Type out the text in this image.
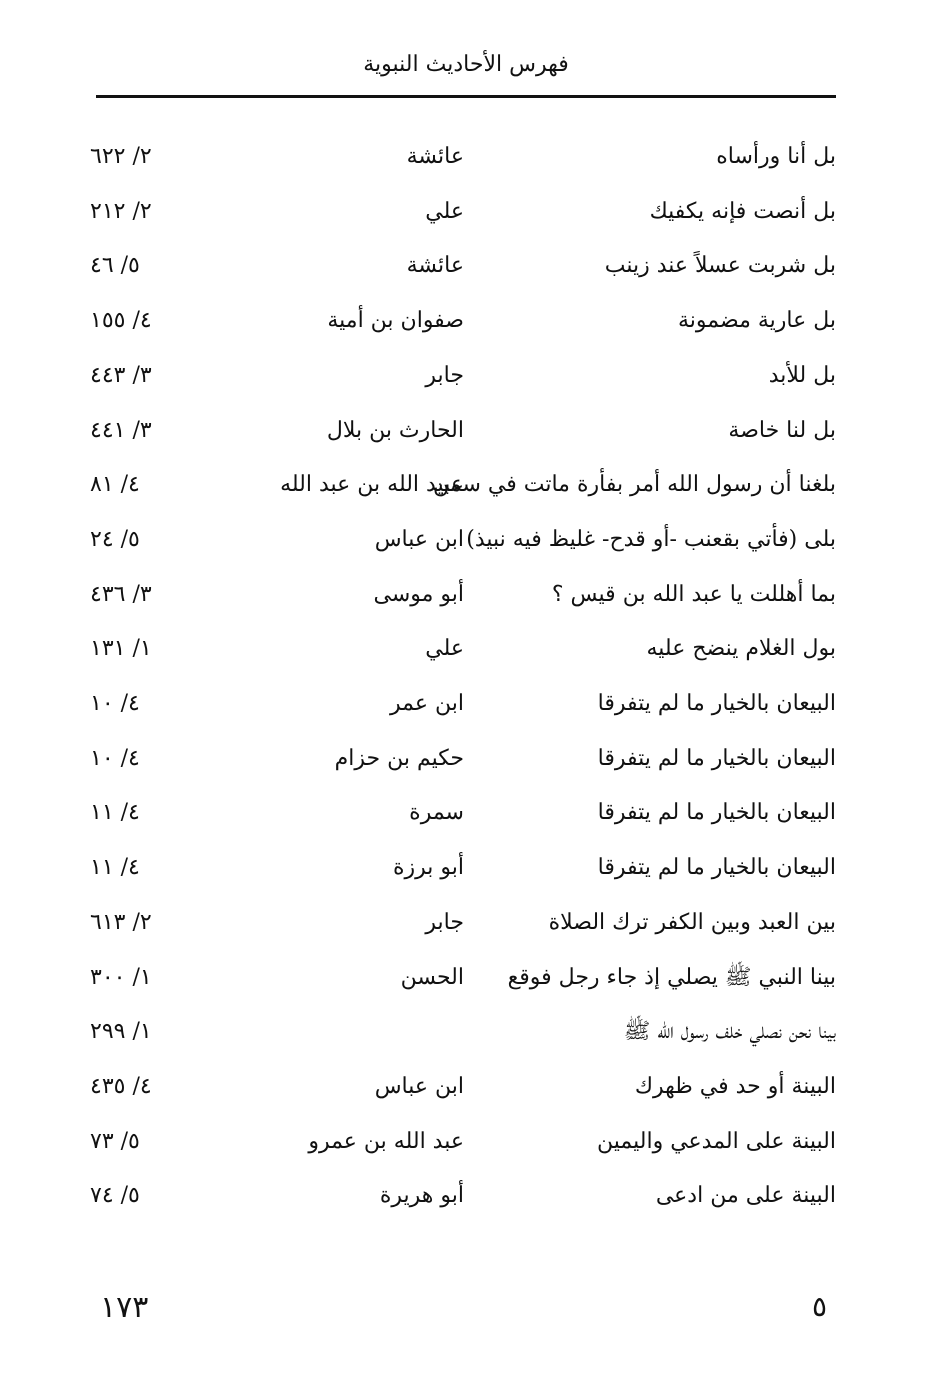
فهرس الأحاديث النبوية
بل أنا ورأساه
عائشة
٢/ ٦٢٢
بل أنصت فإنه يكفيك
علي
٢/ ٢١٢
بل شربت عسلاً عند زينب
عائشة
٥/ ٤٦
بل عارية مضمونة
صفوان بن أمية
٤/ ١٥٥
بل للأبد
جابر
٣/ ٤٤٣
بل لنا خاصة
الحارث بن بلال
٣/ ٤٤١
بلغنا أن رسول الله أمر بفأرة ماتت في سمن
عبيد الله بن عبد الله
٤/ ٨١
بلى (فأتي بقعنب -أو قدح- غليظ فيه نبيذ)
ابن عباس
٥/ ٢٤
بما أهللت يا عبد الله بن قيس ؟
أبو موسى
٣/ ٤٣٦
بول الغلام ينضح عليه
علي
١/ ١٣١
البيعان بالخيار ما لم يتفرقا
ابن عمر
٤/ ١٠
البيعان بالخيار ما لم يتفرقا
حكيم بن حزام
٤/ ١٠
البيعان بالخيار ما لم يتفرقا
سمرة
٤/ ١١
البيعان بالخيار ما لم يتفرقا
أبو برزة
٤/ ١١
بين العبد وبين الكفر ترك الصلاة
جابر
٢/ ٦١٣
بينا النبي ﷺ يصلي إذ جاء رجل فوقع
الحسن
١/ ٣٠٠
بينا نحن نصلي خلف رسول الله ﷺ
١/ ٢٩٩
البينة أو حد في ظهرك
ابن عباس
٤/ ٤٣٥
البينة على المدعي واليمين
عبد الله بن عمرو
٥/ ٧٣
البينة على من ادعى
أبو هريرة
٥/ ٧٤
١٧٣	٥
